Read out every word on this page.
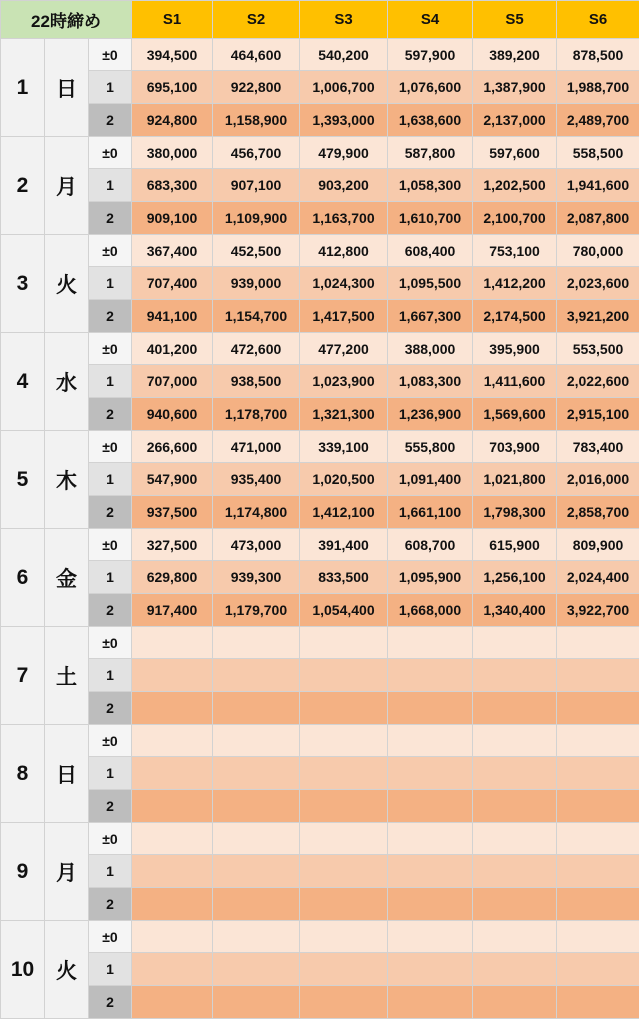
22時締め			S1	S2	S3	S4	S5	S6
1	日	±0	394,500	464,600	540,200	597,900	389,200	878,500
		1	695,100	922,800	1,006,700	1,076,600	1,387,900	1,988,700
		2	924,800	1,158,900	1,393,000	1,638,600	2,137,000	2,489,700
2	月	±0	380,000	456,700	479,900	587,800	597,600	558,500
		1	683,300	907,100	903,200	1,058,300	1,202,500	1,941,600
		2	909,100	1,109,900	1,163,700	1,610,700	2,100,700	2,087,800
3	火	±0	367,400	452,500	412,800	608,400	753,100	780,000
		1	707,400	939,000	1,024,300	1,095,500	1,412,200	2,023,600
		2	941,100	1,154,700	1,417,500	1,667,300	2,174,500	3,921,200
4	水	±0	401,200	472,600	477,200	388,000	395,900	553,500
		1	707,000	938,500	1,023,900	1,083,300	1,411,600	2,022,600
		2	940,600	1,178,700	1,321,300	1,236,900	1,569,600	2,915,100
5	木	±0	266,600	471,000	339,100	555,800	703,900	783,400
		1	547,900	935,400	1,020,500	1,091,400	1,021,800	2,016,000
		2	937,500	1,174,800	1,412,100	1,661,100	1,798,300	2,858,700
6	金	±0	327,500	473,000	391,400	608,700	615,900	809,900
		1	629,800	939,300	833,500	1,095,900	1,256,100	2,024,400
		2	917,400	1,179,700	1,054,400	1,668,000	1,340,400	3,922,700
7	土	±0						
		1						
		2						
8	日	±0						
		1						
		2						
9	月	±0						
		1						
		2						
10	火	±0						
		1						
		2						
